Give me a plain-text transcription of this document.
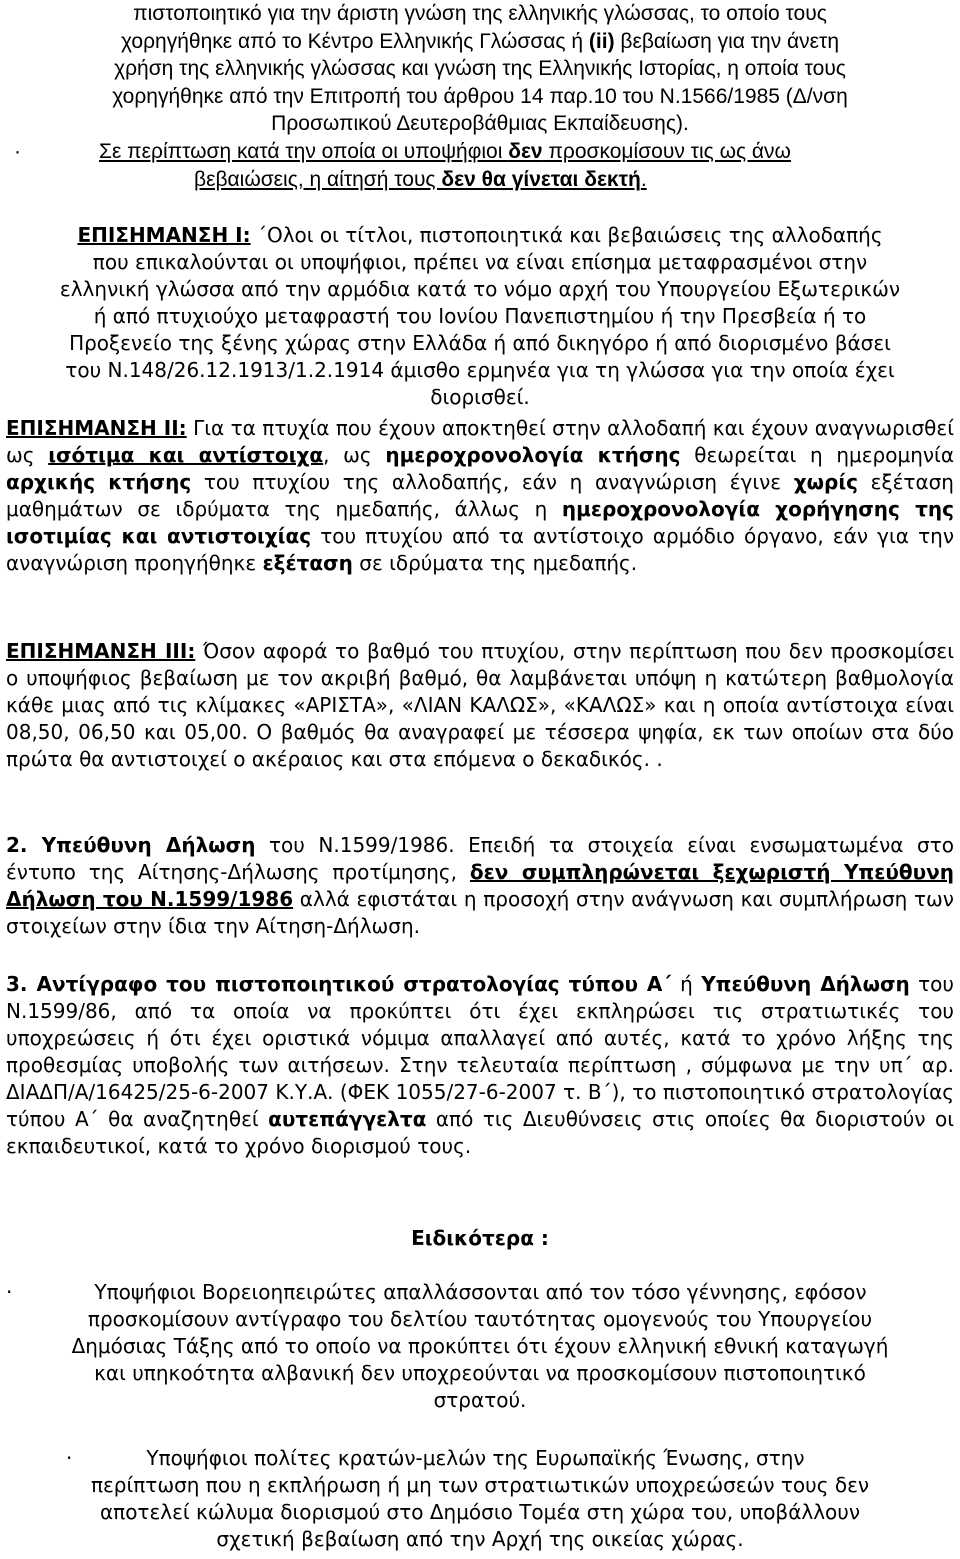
πιστοποιητικό για την άριστη γνώση της ελληνικής γλώσσας, το οποίο τους
χορηγήθηκε από το Κέντρο Ελληνικής Γλώσσας ή (ii) βεβαίωση για την άνετη
χρήση της ελληνικής γλώσσας και γνώση της Ελληνικής Ιστορίας, η οποία τους
χορηγήθηκε από την Επιτροπή του άρθρου 14 παρ.10 του Ν.1566/1985 (Δ/νση
Προσωπικού Δευτεροβάθμιας Εκπαίδευσης).
·	Σε περίπτωση κατά την οποία οι υποψήφιοι δεν προσκομίσουν τις ως άνω
βεβαιώσεις, η αίτησή τους δεν θα γίνεται δεκτή.
ΕΠΙΣΗΜΑΝΣΗ Ι: ΄Ολοι οι τίτλοι, πιστοποιητικά και βεβαιώσεις της αλλοδαπής
που επικαλούνται οι υποψήφιοι, πρέπει να είναι επίσημα μεταφρασμένοι στην
ελληνική γλώσσα από την αρμόδια κατά το νόμο αρχή του Υπουργείου Εξωτερικών
ή από πτυχιούχο μεταφραστή του Ιονίου Πανεπιστημίου ή την Πρεσβεία ή το
Προξενείο της ξένης χώρας στην Ελλάδα ή από δικηγόρο ή από διορισμένο βάσει
του Ν.148/26.12.1913/1.2.1914 άμισθο ερμηνέα για τη γλώσσα για την οποία έχει
διορισθεί.
ΕΠΙΣΗΜΑΝΣΗ ΙΙ: Για τα πτυχία που έχουν αποκτηθεί στην αλλοδαπή και έχουν αναγνωρισθεί ως ισότιμα και αντίστοιχα, ως ημεροχρονολογία κτήσης θεωρείται η ημερομηνία αρχικής κτήσης του πτυχίου της αλλοδαπής, εάν η αναγνώριση έγινε χωρίς εξέταση μαθημάτων σε ιδρύματα της ημεδαπής, άλλως η ημεροχρονολογία χορήγησης της ισοτιμίας και αντιστοιχίας του πτυχίου από τα αντίστοιχο αρμόδιο όργανο, εάν για την αναγνώριση προηγήθηκε εξέταση σε ιδρύματα της ημεδαπής.
ΕΠΙΣΗΜΑΝΣΗ ΙΙΙ: Όσον αφορά το βαθμό του πτυχίου, στην περίπτωση που δεν προσκομίσει ο υποψήφιος βεβαίωση με τον ακριβή βαθμό, θα λαμβάνεται υπόψη η κατώτερη βαθμολογία κάθε μιας από τις κλίμακες «ΑΡΙΣΤΑ», «ΛΙΑΝ ΚΑΛΩΣ», «ΚΑΛΩΣ» και η οποία αντίστοιχα είναι 08,50, 06,50 και 05,00. Ο βαθμός θα αναγραφεί με τέσσερα ψηφία, εκ των οποίων στα δύο πρώτα θα αντιστοιχεί ο ακέραιος και στα επόμενα ο δεκαδικός. .
2. Υπεύθυνη Δήλωση του Ν.1599/1986. Επειδή τα στοιχεία είναι ενσωματωμένα στο έντυπο της Αίτησης-Δήλωσης προτίμησης, δεν συμπληρώνεται ξεχωριστή Υπεύθυνη Δήλωση του Ν.1599/1986 αλλά εφιστάται η προσοχή στην ανάγνωση και συμπλήρωση των στοιχείων στην ίδια την Αίτηση-Δήλωση.
3. Αντίγραφο του πιστοποιητικού στρατολογίας τύπου Α΄ ή Υπεύθυνη Δήλωση του Ν.1599/86, από τα οποία να προκύπτει ότι έχει εκπληρώσει τις στρατιωτικές του υποχρεώσεις ή ότι έχει οριστικά νόμιμα απαλλαγεί από αυτές, κατά το χρόνο λήξης της προθεσμίας υποβολής των αιτήσεων. Στην τελευταία περίπτωση , σύμφωνα με την υπ΄ αρ. ΔΙΑΔΠ/Α/16425/25-6-2007 Κ.Υ.Α. (ΦΕΚ 1055/27-6-2007 τ. Β΄), το πιστοποιητικό στρατολογίας τύπου Α΄ θα αναζητηθεί αυτεπάγγελτα από τις Διευθύνσεις στις οποίες θα διοριστούν οι εκπαιδευτικοί, κατά το χρόνο διορισμού τους.
Ειδικότερα :
·	Υποψήφιοι Βορειοηπειρώτες απαλλάσσονται από τον τόσο γέννησης, εφόσον
προσκομίσουν αντίγραφο του δελτίου ταυτότητας ομογενούς του Υπουργείου
Δημόσιας Τάξης από το οποίο να προκύπτει ότι έχουν ελληνική εθνική καταγωγή
και υπηκοότητα αλβανική δεν υποχρεούνται να προσκομίσουν πιστοποιητικό
στρατού.
·	Υποψήφιοι πολίτες κρατών-μελών της Ευρωπαϊκής Ένωσης, στην
περίπτωση που η εκπλήρωση ή μη των στρατιωτικών υποχρεώσεών τους δεν
αποτελεί κώλυμα διορισμού στο Δημόσιο Τομέα στη χώρα του, υποβάλλουν
σχετική βεβαίωση από την Αρχή της οικείας χώρας.
